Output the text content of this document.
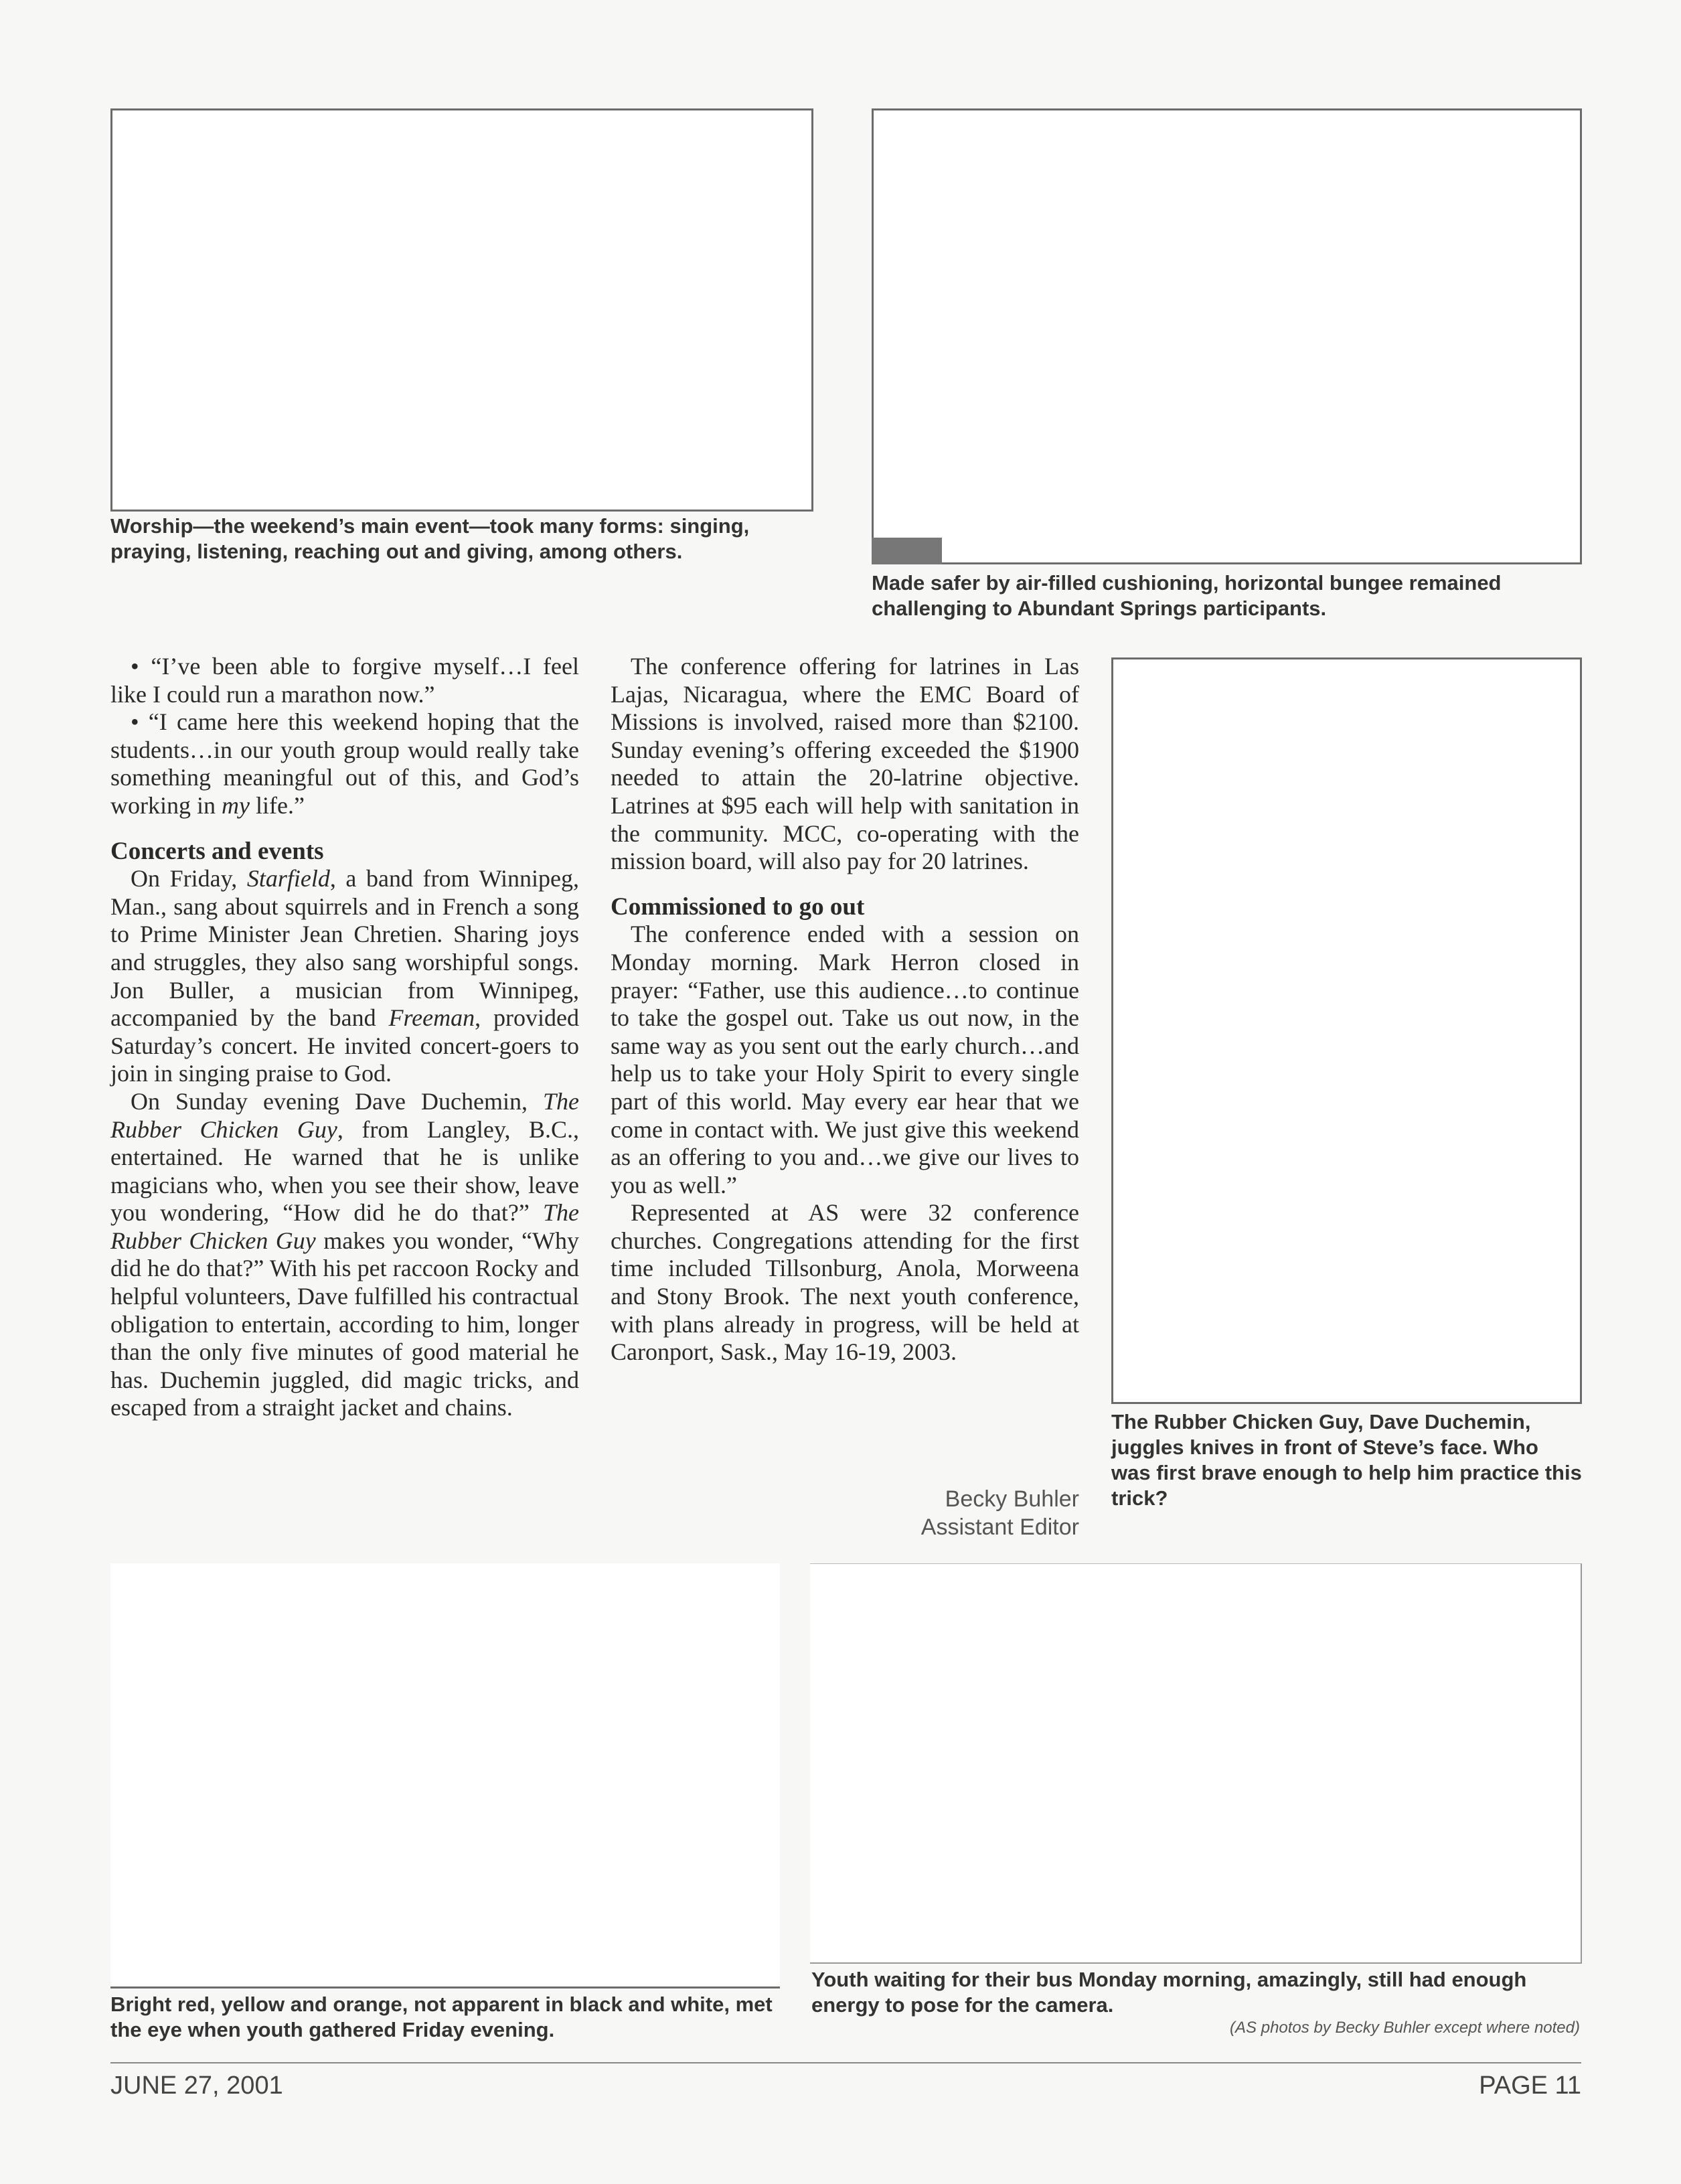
Worship—the weekend’s main event—took many forms: singing, praying, listening, reaching out and giving, among others.

Made safer by air-filled cushioning, horizontal bungee remained challenging to Abundant Springs participants.

The Rubber Chicken Guy, Dave Duchemin, juggles knives in front of Steve’s face. Who was first brave enough to help him practice this trick?

Bright red, yellow and orange, not apparent in black and white, met the eye when youth gathered Friday evening.

Youth waiting for their bus Monday morning, amazingly, still had enough energy to pose for the camera.

(AS photos by Becky Buhler except where noted)

• “I’ve been able to forgive myself…I feel like I could run a marathon now.”

• “I came here this weekend hoping that the students…in our youth group would really take something meaningful out of this, and God’s working in my life.”

Concerts and events

On Friday, Starfield, a band from Winnipeg, Man., sang about squirrels and in French a song to Prime Minister Jean Chretien. Sharing joys and struggles, they also sang worshipful songs. Jon Buller, a musician from Winnipeg, accompanied by the band Freeman, provided Saturday’s concert. He invited concert-goers to join in singing praise to God.

On Sunday evening Dave Duchemin, The Rubber Chicken Guy, from Langley, B.C., entertained. He warned that he is unlike magicians who, when you see their show, leave you wondering, “How did he do that?” The Rubber Chicken Guy makes you wonder, “Why did he do that?” With his pet raccoon Rocky and helpful volunteers, Dave fulfilled his contractual obligation to entertain, according to him, longer than the only five minutes of good material he has. Duchemin juggled, did magic tricks, and escaped from a straight jacket and chains.

The conference offering for latrines in Las Lajas, Nicaragua, where the EMC Board of Missions is involved, raised more than $2100. Sunday evening’s offering exceeded the $1900 needed to attain the 20-latrine objective. Latrines at $95 each will help with sanitation in the community. MCC, co-operating with the mission board, will also pay for 20 latrines.

Commissioned to go out

The conference ended with a session on Monday morning. Mark Herron closed in prayer: “Father, use this audience…to continue to take the gospel out. Take us out now, in the same way as you sent out the early church…and help us to take your Holy Spirit to every single part of this world. May every ear hear that we come in contact with. We just give this weekend as an offering to you and…we give our lives to you as well.”

Represented at AS were 32 conference churches. Congregations attending for the first time included Tillsonburg, Anola, Morweena and Stony Brook. The next youth conference, with plans already in progress, will be held at Caronport, Sask., May 16-19, 2003.

Becky Buhler
Assistant Editor
JUNE 27, 2001	PAGE 11
